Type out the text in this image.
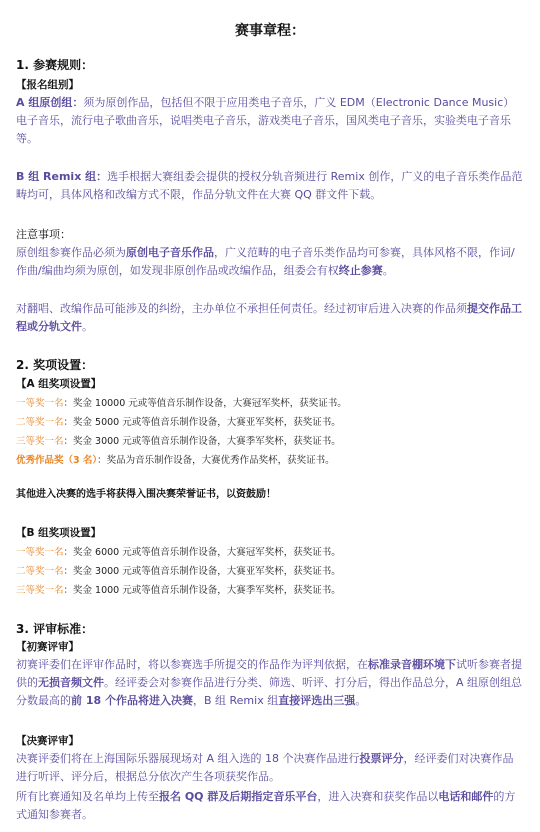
赛事章程：
1. 参赛规则：
【报名组别】
A 组原创组：须为原创作品，包括但不限于应用类电子音乐，广义 EDM（Electronic Dance Music）电子音乐，流行电子歌曲音乐，说唱类电子音乐，游戏类电子音乐，国风类电子音乐，实验类电子音乐等。
B 组 Remix 组：选手根据大赛组委会提供的授权分轨音频进行 Remix 创作，广义的电子音乐类作品范畴均可，具体风格和改编方式不限，作品分轨文件在大赛 QQ 群文件下载。
注意事项：
原创组参赛作品必须为原创电子音乐作品，广义范畴的电子音乐类作品均可参赛，具体风格不限，作词/作曲/编曲均须为原创，如发现非原创作品或改编作品，组委会有权终止参赛。
对翻唱、改编作品可能涉及的纠纷，主办单位不承担任何责任。经过初审后进入决赛的作品须提交作品工程或分轨文件。
2. 奖项设置：
【A 组奖项设置】
一等奖一名：奖金 10000 元或等值音乐制作设备，大赛冠军奖杯，获奖证书。
二等奖一名：奖金 5000 元或等值音乐制作设备，大赛亚军奖杯，获奖证书。
三等奖一名：奖金 3000 元或等值音乐制作设备，大赛季军奖杯，获奖证书。
优秀作品奖（3 名）：奖品为音乐制作设备，大赛优秀作品奖杯，获奖证书。
其他进入决赛的选手将获得入围决赛荣誉证书，以资鼓励！
【B 组奖项设置】
一等奖一名：奖金 6000 元或等值音乐制作设备，大赛冠军奖杯，获奖证书。
二等奖一名：奖金 3000 元或等值音乐制作设备，大赛亚军奖杯，获奖证书。
三等奖一名：奖金 1000 元或等值音乐制作设备，大赛季军奖杯，获奖证书。
3. 评审标准：
【初赛评审】
初赛评委们在评审作品时，将以参赛选手所提交的作品作为评判依据，在标准录音棚环境下试听参赛者提供的无损音频文件。经评委会对参赛作品进行分类、筛选、听评、打分后，得出作品总分，A 组原创组总分数最高的前 18 个作品将进入决赛，B 组 Remix 组直接评选出三强。
【决赛评审】
决赛评委们将在上海国际乐器展现场对 A 组入选的 18 个决赛作品进行投票评分，经评委们对决赛作品进行听评、评分后，根据总分依次产生各项获奖作品。
所有比赛通知及名单均上传至报名 QQ 群及后期指定音乐平台，进入决赛和获奖作品以电话和邮件的方式通知参赛者。
